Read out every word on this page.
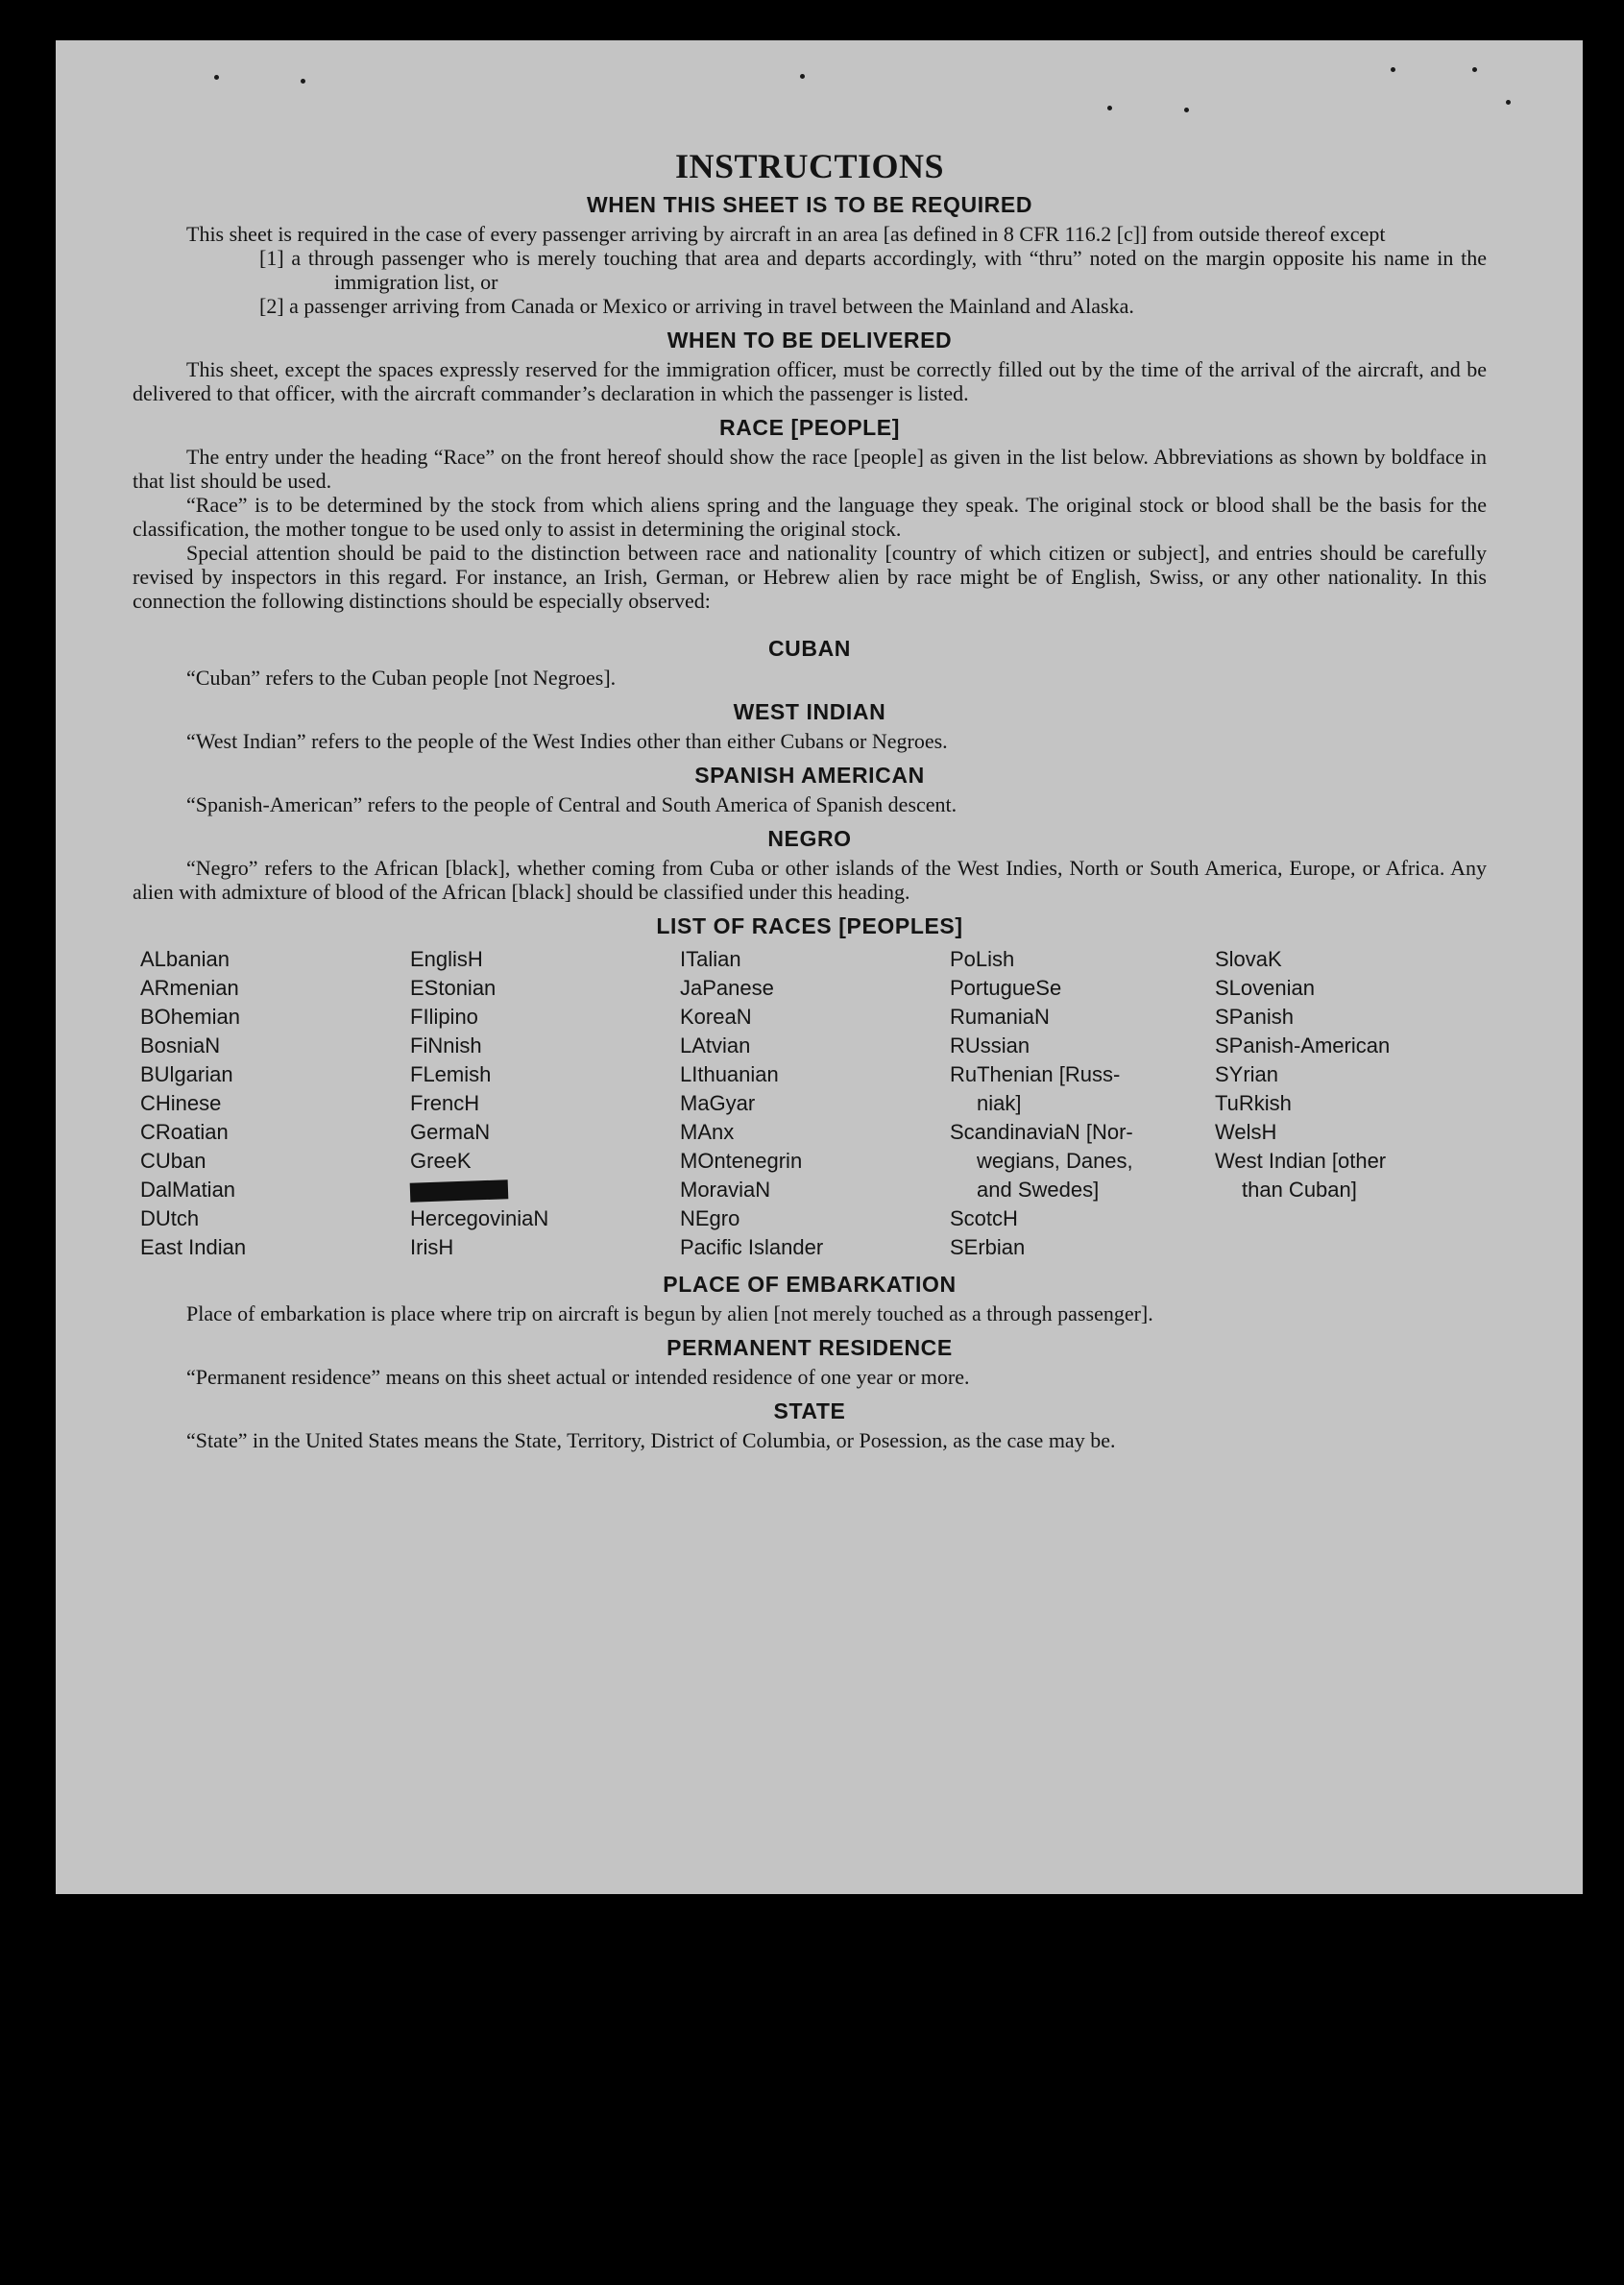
INSTRUCTIONS
WHEN THIS SHEET IS TO BE REQUIRED

This sheet is required in the case of every passenger arriving by aircraft in an area [as defined in 8 CFR 116.2 [c]] from outside thereof except

[1] a through passenger who is merely touching that area and departs accordingly, with “thru” noted on the margin opposite his name in the immigration list, or

[2] a passenger arriving from Canada or Mexico or arriving in travel between the Mainland and Alaska.

WHEN TO BE DELIVERED

This sheet, except the spaces expressly reserved for the immigration officer, must be correctly filled out by the time of the arrival of the aircraft, and be delivered to that officer, with the aircraft commander’s declaration in which the passenger is listed.

RACE [PEOPLE]

The entry under the heading “Race” on the front hereof should show the race [people] as given in the list below. Abbreviations as shown by boldface in that list should be used.

“Race” is to be determined by the stock from which aliens spring and the language they speak. The original stock or blood shall be the basis for the classification, the mother tongue to be used only to assist in determining the original stock.

Special attention should be paid to the distinction between race and nationality [country of which citizen or subject], and entries should be carefully revised by inspectors in this regard. For instance, an Irish, German, or Hebrew alien by race might be of English, Swiss, or any other nationality. In this connection the following distinctions should be especially observed:

CUBAN

“Cuban” refers to the Cuban people [not Negroes].

WEST INDIAN

“West Indian” refers to the people of the West Indies other than either Cubans or Negroes.

SPANISH AMERICAN

“Spanish-American” refers to the people of Central and South America of Spanish descent.

NEGRO

“Negro” refers to the African [black], whether coming from Cuba or other islands of the West Indies, North or South America, Europe, or Africa. Any alien with admixture of blood of the African [black] should be classified under this heading.

LIST OF RACES [PEOPLES]
ALbanian
ARmenian
BOhemian
BosniaN
BUlgarian
CHinese
CRoatian
CUban
DalMatian
DUtch
East Indian
EnglisH
EStonian
FIlipino
FiNnish
FLemish
FrencH
GermaN
GreeK
HercegoviniaN
IrisH
ITalian
JaPanese
KoreaN
LAtvian
LIthuanian
MaGyar
MAnx
MOntenegrin
MoraviaN
NEgro
Pacific Islander
PoLish
PortugueSe
RumaniaN
RUssian
RuThenian [Russ-
niak]
ScandinaviaN [Nor-
wegians, Danes,
and Swedes]
ScotcH
SErbian
SlovaK
SLovenian
SPanish
SPanish-American
SYrian
TuRkish
WelsH
West Indian [other
than Cuban]
PLACE OF EMBARKATION

Place of embarkation is place where trip on aircraft is begun by alien [not merely touched as a through passenger].

PERMANENT RESIDENCE

“Permanent residence” means on this sheet actual or intended residence of one year or more.

STATE

“State” in the United States means the State, Territory, District of Columbia, or Posession, as the case may be.
